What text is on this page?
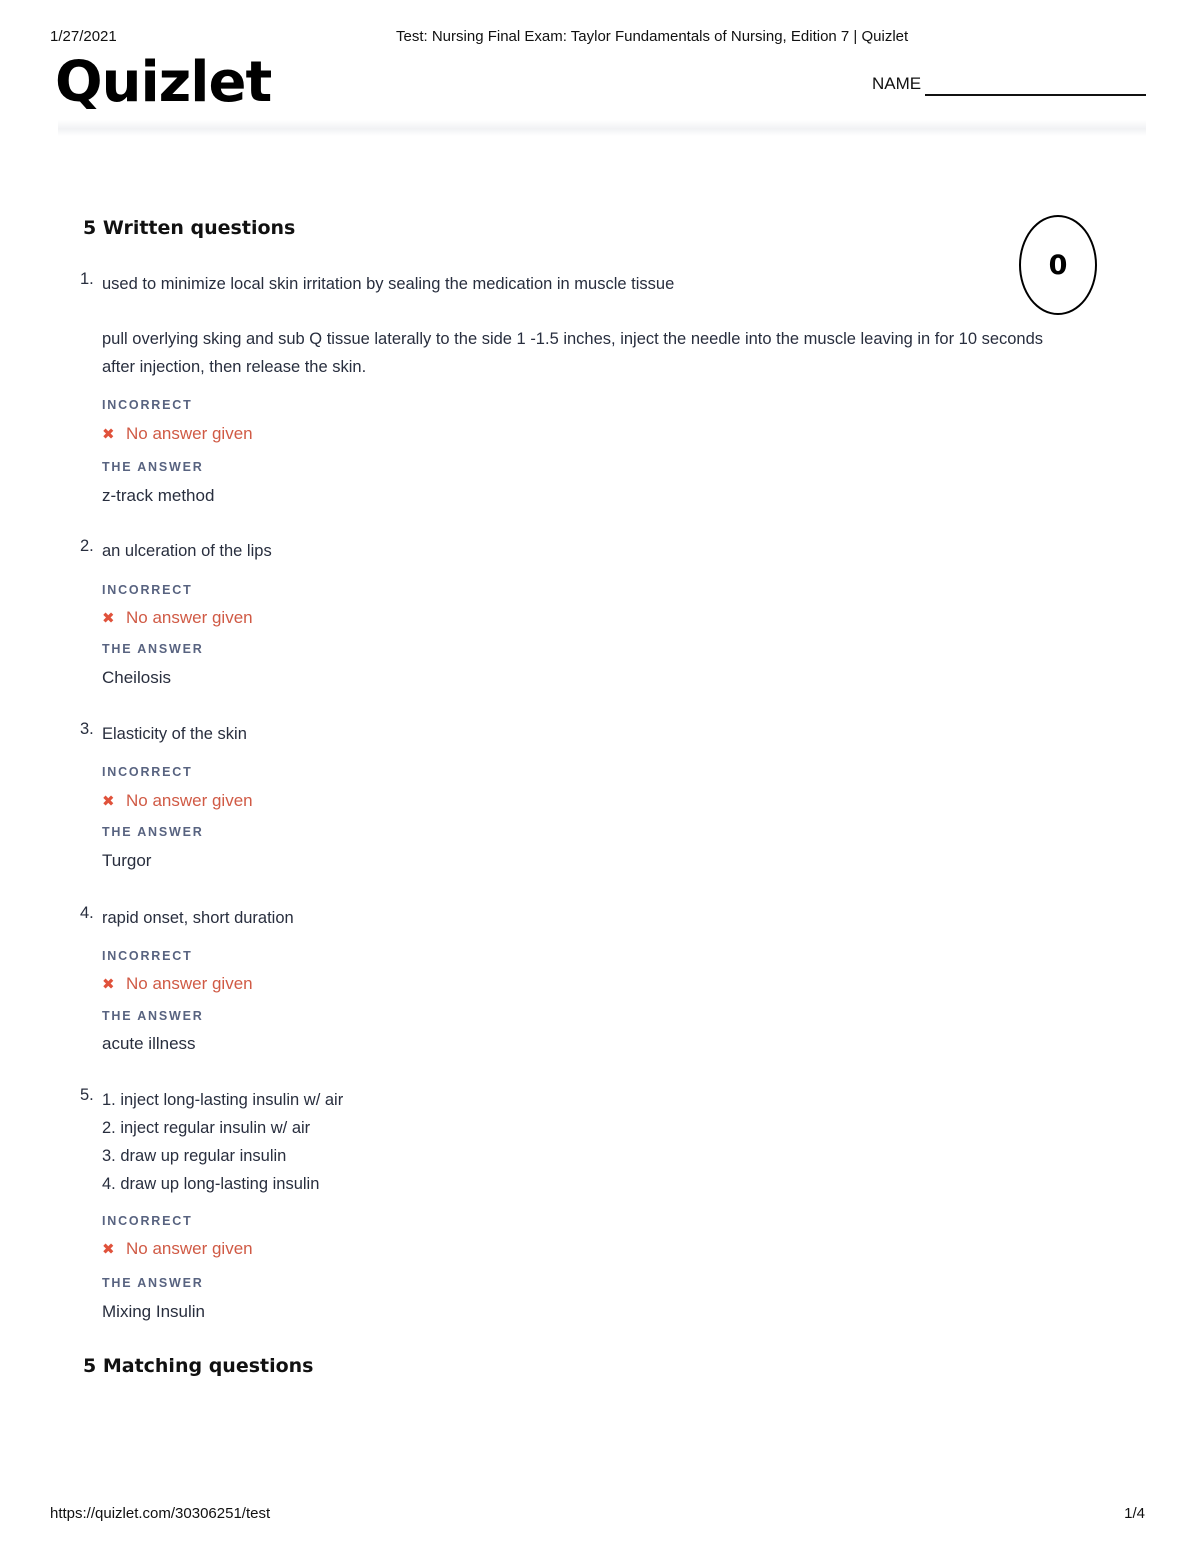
1/27/2021	Test: Nursing Final Exam: Taylor Fundamentals of Nursing, Edition 7 | Quizlet
Quizlet	NAME
5 Written questions
0
1. used to minimize local skin irritation by sealing the medication in muscle tissue
pull overlying sking and sub Q tissue laterally to the side 1 -1.5 inches, inject the needle into the muscle leaving in for 10 seconds
after injection, then release the skin.
INCORRECT
✖ No answer given
THE ANSWER
z-track method
2. an ulceration of the lips
INCORRECT
✖ No answer given
THE ANSWER
Cheilosis
3. Elasticity of the skin
INCORRECT
✖ No answer given
THE ANSWER
Turgor
4. rapid onset, short duration
INCORRECT
✖ No answer given
THE ANSWER
acute illness
5. 1. inject long-lasting insulin w/ air
2. inject regular insulin w/ air
3. draw up regular insulin
4. draw up long-lasting insulin
INCORRECT
✖ No answer given
THE ANSWER
Mixing Insulin
5 Matching questions
https://quizlet.com/30306251/test	1/4
